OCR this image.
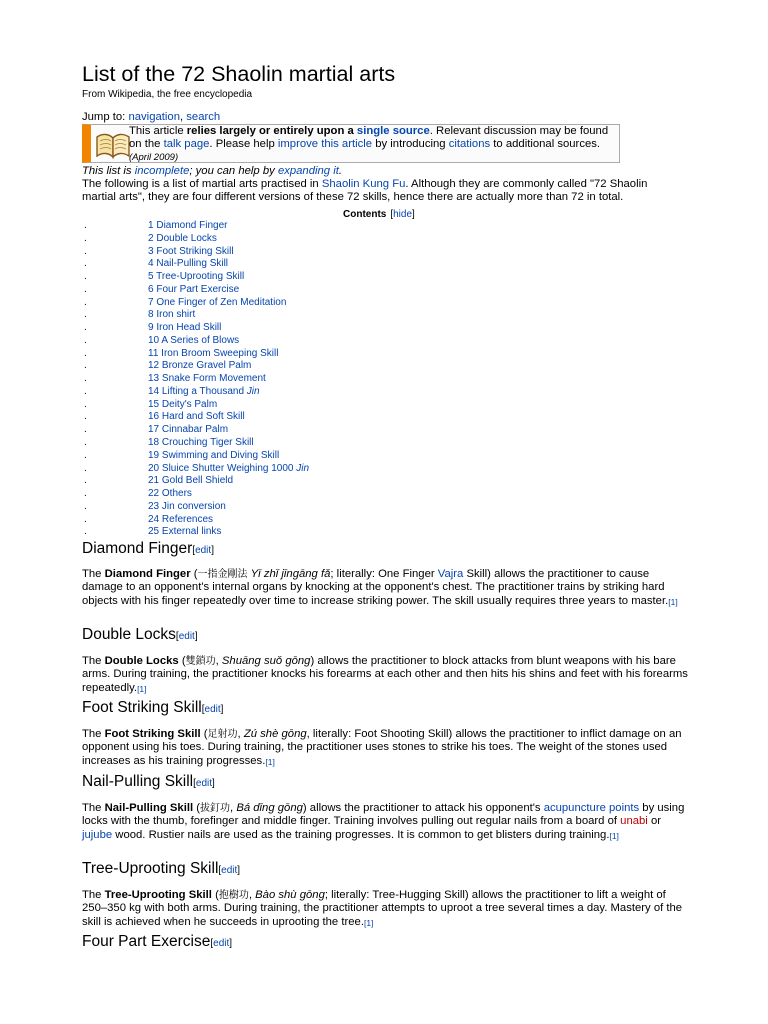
List of the 72 Shaolin martial arts
From Wikipedia, the free encyclopedia
Jump to: navigation, search
This article relies largely or entirely upon a single source. Relevant discussion may be found on the talk page. Please help improve this article by introducing citations to additional sources. (April 2009)
This list is incomplete; you can help by expanding it.
The following is a list of martial arts practised in Shaolin Kung Fu. Although they are commonly called "72 Shaolin martial arts", they are four different versions of these 72 skills, hence there are actually more than 72 in total.
Contents [hide]
.	1 Diamond Finger
.	2 Double Locks
.	3 Foot Striking Skill
.	4 Nail-Pulling Skill
.	5 Tree-Uprooting Skill
.	6 Four Part Exercise
.	7 One Finger of Zen Meditation
.	8 Iron shirt
.	9 Iron Head Skill
.	10 A Series of Blows
.	11 Iron Broom Sweeping Skill
.	12 Bronze Gravel Palm
.	13 Snake Form Movement
.	14 Lifting a Thousand Jin
.	15 Deity's Palm
.	16 Hard and Soft Skill
.	17 Cinnabar Palm
.	18 Crouching Tiger Skill
.	19 Swimming and Diving Skill
.	20 Sluice Shutter Weighing 1000 Jin
.	21 Gold Bell Shield
.	22 Others
.	23 Jin conversion
.	24 References
.	25 External links
Diamond Finger[edit]

The Diamond Finger (一指金剛法 Yī zhǐ jīngāng fǎ; literally: One Finger Vajra Skill) allows the practitioner to cause damage to an opponent's internal organs by knocking at the opponent's chest. The practitioner trains by striking hard objects with his finger repeatedly over time to increase striking power. The skill usually requires three years to master.[1]

Double Locks[edit]

The Double Locks (雙鎖功, Shuāng suǒ gōng) allows the practitioner to block attacks from blunt weapons with his bare arms. During training, the practitioner knocks his forearms at each other and then hits his shins and feet with his forearms repeatedly.[1]

Foot Striking Skill[edit]

The Foot Striking Skill (足射功, Zú shè gōng, literally: Foot Shooting Skill) allows the practitioner to inflict damage on an opponent using his toes. During training, the practitioner uses stones to strike his toes. The weight of the stones used increases as his training progresses.[1]

Nail-Pulling Skill[edit]

The Nail-Pulling Skill (拔釘功, Bá dīng gōng) allows the practitioner to attack his opponent's acupuncture points by using locks with the thumb, forefinger and middle finger. Training involves pulling out regular nails from a board of unabi or jujube wood. Rustier nails are used as the training progresses. It is common to get blisters during training.[1]

Tree-Uprooting Skill[edit]

The Tree-Uprooting Skill (抱樹功, Bào shù gōng; literally: Tree-Hugging Skill) allows the practitioner to lift a weight of 250–350 kg with both arms. During training, the practitioner attempts to uproot a tree several times a day. Mastery of the skill is achieved when he succeeds in uprooting the tree.[1]

Four Part Exercise[edit]
